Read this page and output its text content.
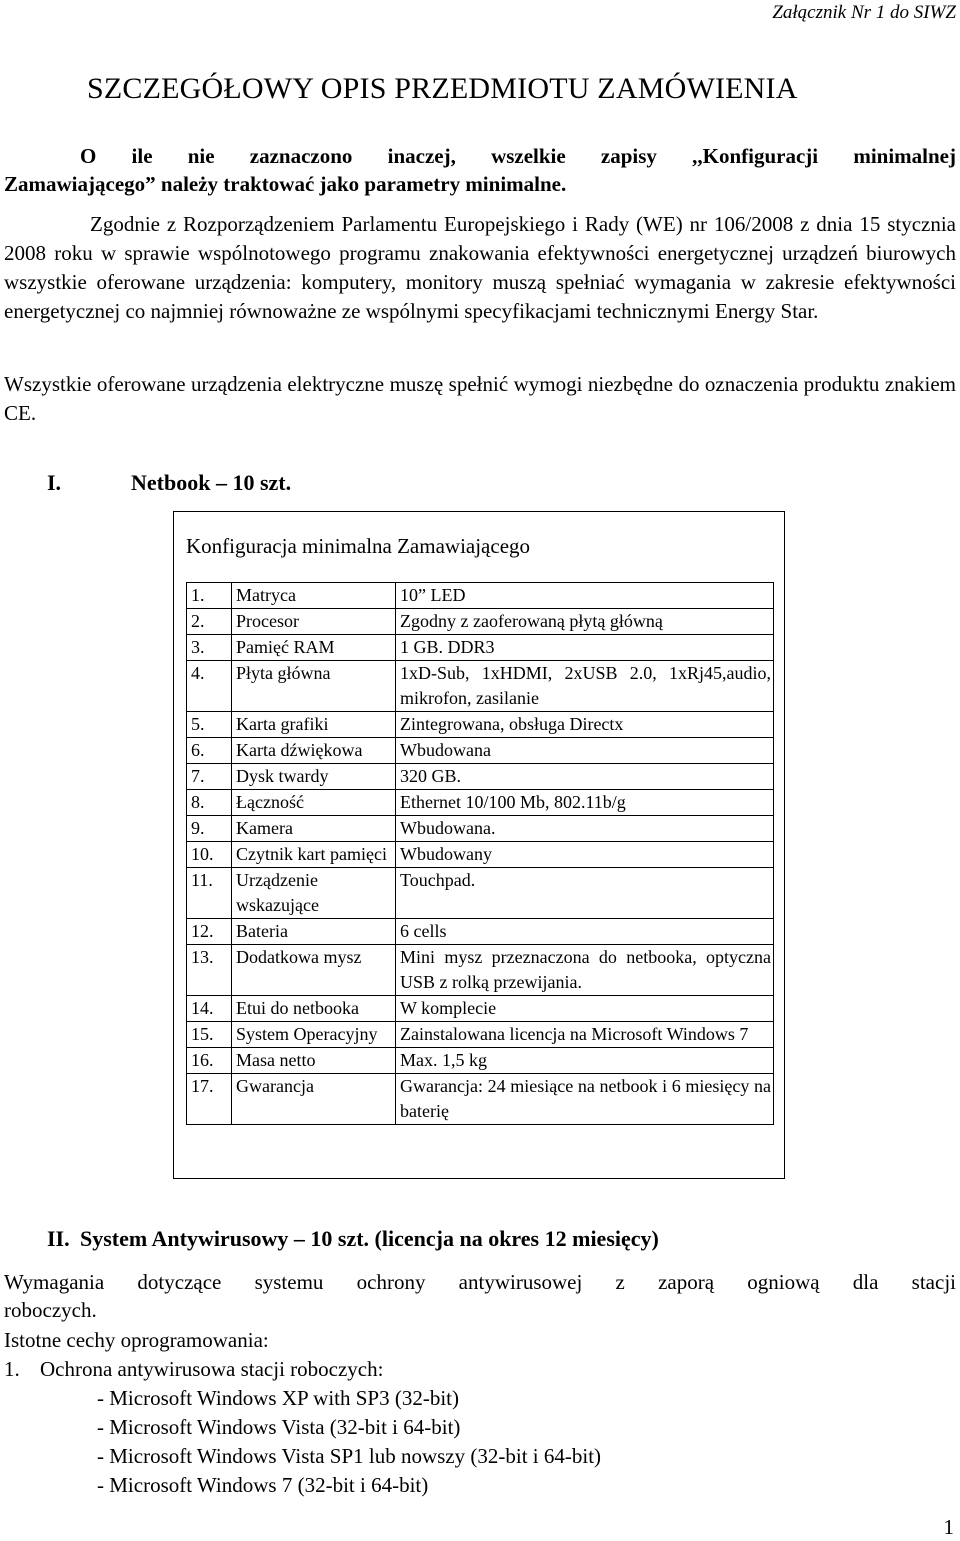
Załącznik Nr 1 do SIWZ
SZCZEGÓŁOWY OPIS PRZEDMIOTU ZAMÓWIENIA
O ile nie zaznaczono inaczej, wszelkie zapisy ,,Konfiguracji minimalnej
Zamawiającego” należy traktować jako parametry minimalne.
Zgodnie z Rozporządzeniem Parlamentu Europejskiego i Rady (WE) nr 106/2008 z dnia 15 stycznia 2008 roku w sprawie wspólnotowego programu znakowania efektywności energetycznej urządzeń biurowych wszystkie oferowane urządzenia: komputery, monitory muszą spełniać wymagania w zakresie efektywności energetycznej co najmniej równoważne ze wspólnymi specyfikacjami technicznymi Energy Star.
Wszystkie oferowane urządzenia elektryczne muszę spełnić wymogi niezbędne do oznaczenia produktu znakiem CE.
I.	Netbook – 10 szt.
Konfiguracja minimalna Zamawiającego
1.	Matryca	10” LED
2.	Procesor	Zgodny z zaoferowaną płytą główną
3.	Pamięć RAM	1 GB. DDR3
4.	Płyta główna	1xD-Sub, 1xHDMI, 2xUSB 2.0, 1xRj45,audio, mikrofon, zasilanie
5.	Karta grafiki	Zintegrowana, obsługa Directx
6.	Karta dźwiękowa	Wbudowana
7.	Dysk twardy	320 GB.
8.	Łączność	Ethernet 10/100 Mb, 802.11b/g
9.	Kamera	Wbudowana.
10.	Czytnik kart pamięci	Wbudowany
11.	Urządzenie wskazujące	Touchpad.
12.	Bateria	6 cells
13.	Dodatkowa mysz	Mini mysz przeznaczona do netbooka, optyczna USB z rolką przewijania.
14.	Etui do netbooka	W komplecie
15.	System Operacyjny	Zainstalowana licencja na Microsoft Windows 7
16.	Masa netto	Max. 1,5 kg
17.	Gwarancja	Gwarancja: 24 miesiące na netbook i 6 miesięcy na baterię
II. System Antywirusowy – 10 szt. (licencja na okres 12 miesięcy)
Wymagania dotyczące systemu ochrony antywirusowej z zaporą ogniową dla stacji
roboczych.
Istotne cechy oprogramowania:
1. Ochrona antywirusowa stacji roboczych:
- Microsoft Windows XP with SP3 (32-bit)
- Microsoft Windows Vista (32-bit i 64-bit)
- Microsoft Windows Vista SP1 lub nowszy (32-bit i 64-bit)
- Microsoft Windows 7 (32-bit i 64-bit)
1
